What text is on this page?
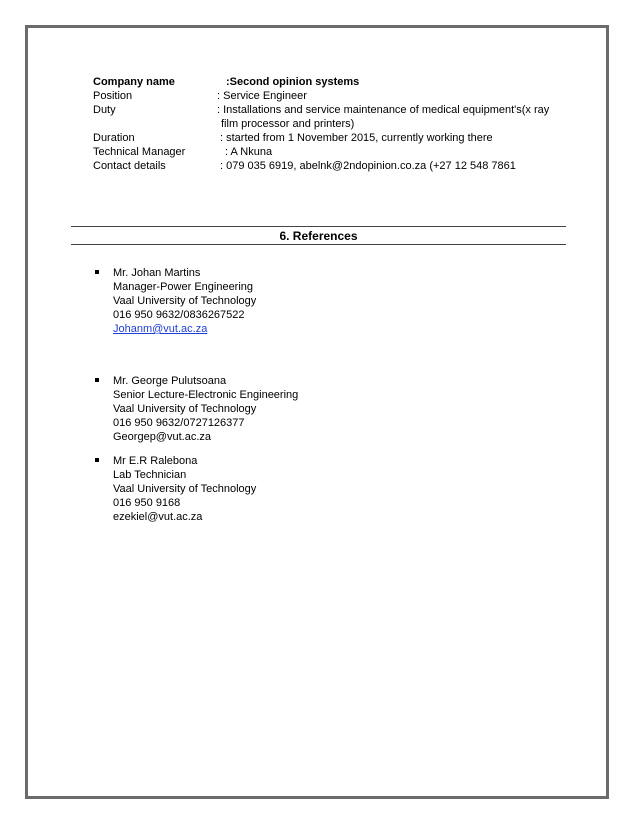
Company name	:Second opinion systems
Position	: Service Engineer
Duty	: Installations and service maintenance of medical equipment's(x ray
film processor and printers)
Duration	: started from 1 November 2015, currently working there
Technical Manager	: A Nkuna
Contact details	: 079 035 6919, abelnk@2ndopinion.co.za (+27 12 548 7861
6. References
Mr. Johan Martins
Manager-Power Engineering
Vaal University of Technology
016 950 9632/0836267522
Johanm@vut.ac.za
Mr. George Pulutsoana
Senior Lecture-Electronic Engineering
Vaal University of Technology
016 950 9632/0727126377
Georgep@vut.ac.za
Mr E.R Ralebona
Lab Technician
Vaal University of Technology
016 950 9168
ezekiel@vut.ac.za
